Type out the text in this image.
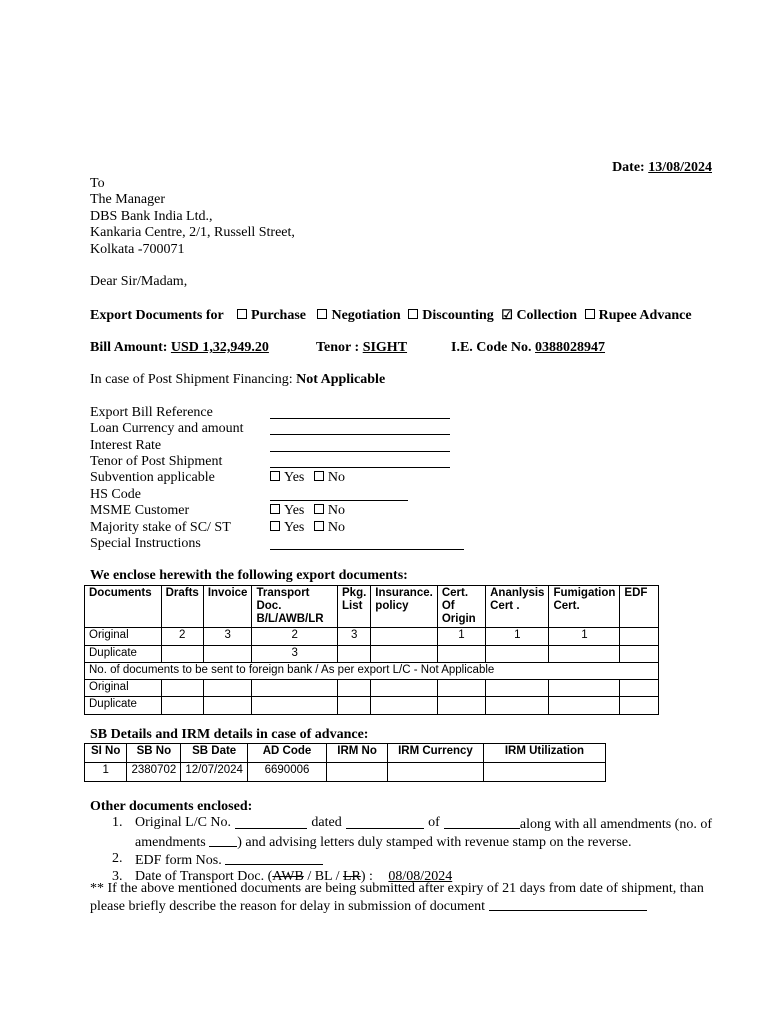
Date: 13/08/2024
To
The Manager
DBS Bank India Ltd.,
Kankaria Centre, 2/1, Russell Street,
Kolkata -700071
Dear Sir/Madam,
Export Documents for Purchase Negotiation Discounting ☑ Collection Rupee Advance
Bill Amount: USD 1,32,949.20	Tenor : SIGHT	I.E. Code No. 0388028947
In case of Post Shipment Financing: Not Applicable
Export Bill Reference
Loan Currency and amount
Interest Rate
Tenor of Post Shipment
Subvention applicable	Yes No
HS Code
MSME Customer	Yes No
Majority stake of SC/ ST	Yes No
Special Instructions
We enclose herewith the following export documents:
Documents	Drafts	Invoice	Transport Doc. B/L/AWB/LR	Pkg. List	Insurance. policy	Cert. Of Origin	Ananlysis Cert .	Fumigation Cert.	EDF
Original	2	3	2	3		1	1	1	
Duplicate			3						
No. of documents to be sent to foreign bank / As per export L/C - Not Applicable									
Original									
Duplicate									
SB Details and IRM details in case of advance:
SI No	SB No	SB Date	AD Code	IRM No	IRM Currency	IRM Utilization
1	2380702	12/07/2024	6690006			
Other documents enclosed:
1. Original L/C No.	dated	of	along with all amendments (no. of
amendments ) and advising letters duly stamped with revenue stamp on the reverse.
2. EDF form Nos.
3. Date of Transport Doc. (AWB / BL / LR) : 08/08/2024
** If the above mentioned documents are being submitted after expiry of 21 days from date of shipment, than
please briefly describe the reason for delay in submission of document
